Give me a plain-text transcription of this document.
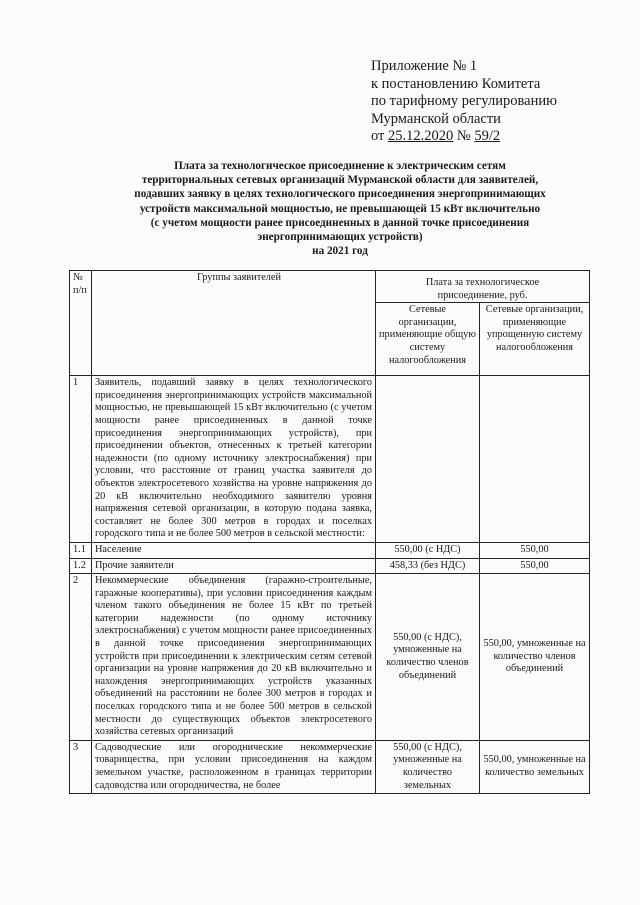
Приложение № 1
к постановлению Комитета
по тарифному регулированию
Мурманской области
от 25.12.2020 № 59/2
Плата за технологическое присоединение к электрическим сетям
территориальных сетевых организаций Мурманской области для заявителей,
подавших заявку в целях технологического присоединения энергопринимающих
устройств максимальной мощностью, не превышающей 15 кВт включительно
(с учетом мощности ранее присоединенных в данной точке присоединения
энергопринимающих устройств)
на 2021 год
№ п/п	Группы заявителей	Плата за технологическое присоединение, руб.	
		Сетевые организации, применяющие общую систему налогообложения	Сетевые организации, применяющие упрощенную систему налогообложения
1	Заявитель, подавший заявку в целях технологического присоединения энергопринимающих устройств максимальной мощностью, не превышающей 15 кВт включительно (с учетом мощности ранее присоединенных в данной точке присоединения энергопринимающих устройств), при присоединении объектов, отнесенных к третьей категории надежности (по одному источнику электроснабжения) при условии, что расстояние от границ участка заявителя до объектов электросетевого хозяйства на уровне напряжения до 20 кВ включительно необходимого заявителю уровня напряжения сетевой организации, в которую подана заявка, составляет не более 300 метров в городах и поселках городского типа и не более 500 метров в сельской местности:		
1.1	Население	550,00 (с НДС)	550,00
1.2	Прочие заявители	458,33 (без НДС)	550,00
2	Некоммерческие объединения (гаражно-строительные, гаражные кооперативы), при условии присоединения каждым членом такого объединения не более 15 кВт по третьей категории надежности (по одному источнику электроснабжения) с учетом мощности ранее присоединенных в данной точке присоединения энергопринимающих устройств при присоединении к электрическим сетям сетевой организации на уровне напряжения до 20 кВ включительно и нахождения энергопринимающих устройств указанных объединений на расстоянии не более 300 метров в городах и поселках городского типа и не более 500 метров в сельской местности до существующих объектов электросетевого хозяйства сетевых организаций	550,00 (с НДС), умноженные на количество членов объединений	550,00, умноженные на количество членов объединений
3	Садоводческие или огороднические некоммерческие товарищества, при условии присоединения на каждом земельном участке, расположенном в границах территории садоводства или огородничества, не более	550,00 (с НДС), умноженные на количество земельных	550,00, умноженные на количество земельных
